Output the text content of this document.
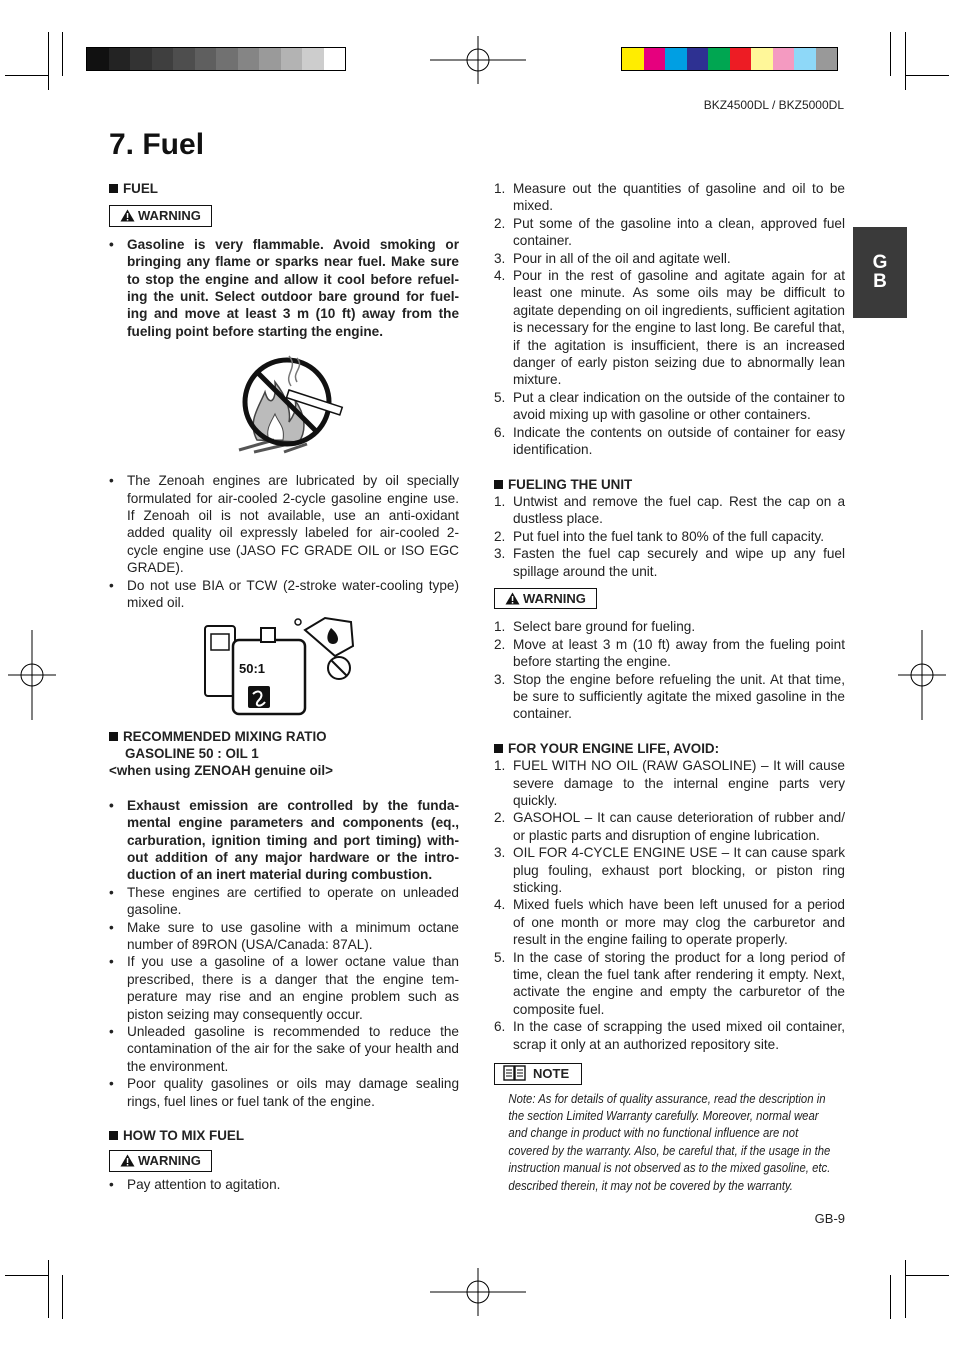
BKZ4500DL / BKZ5000DL
7. Fuel
G
B

FUEL

WARNING
• Gasoline is very flammable. Avoid smoking or bringing any flame or sparks near fuel. Make sure to stop the engine and allow it cool before refuel-ing the unit. Select outdoor bare ground for fuel-ing and move at least 3 m (10 ft) away from the fueling point before starting the engine.
• The Zenoah engines are lubricated by oil specially formulated for air-cooled 2-cycle gasoline engine use. If Zenoah oil is not available, use an anti-oxidant added quality oil expressly labeled for air-cooled 2-cycle engine use (JASO FC GRADE OIL or ISO EGC GRADE).
• Do not use BIA or TCW (2-stroke water-cooling type) mixed oil.
50:1

RECOMMENDED MIXING RATIO

GASOLINE 50 : OIL 1

<when using ZENOAH genuine oil>

• Exhaust emission are controlled by the funda-mental engine parameters and components (eq., carburation, ignition timing and port timing) with-out addition of any major hardware or the intro-duction of an inert material during combustion.
• These engines are certified to operate on unleaded gasoline.
• Make sure to use gasoline with a minimum octane number of 89RON (USA/Canada: 87AL).
• If you use a gasoline of a lower octane value than prescribed, there is a danger that the engine tem-perature may rise and an engine problem such as piston seizing may consequently occur.
• Unleaded gasoline is recommended to reduce the contamination of the air for the sake of your health and the environment.
• Poor quality gasolines or oils may damage sealing rings, fuel lines or fuel tank of the engine.

HOW TO MIX FUEL

WARNING
• Pay attention to agitation.
1. Measure out the quantities of gasoline and oil to be mixed.
2. Put some of the gasoline into a clean, approved fuel container.
3. Pour in all of the oil and agitate well.
4. Pour in the rest of gasoline and agitate again for at least one minute. As some oils may be difficult to agitate depending on oil ingredients, sufficient agitation is necessary for the engine to last long. Be careful that, if the agitation is insufficient, there is an increased danger of early piston seizing due to abnormally lean mixture.
5. Put a clear indication on the outside of the container to avoid mixing up with gasoline or other containers.
6. Indicate the contents on outside of container for easy identification.

FUELING THE UNIT

1. Untwist and remove the fuel cap. Rest the cap on a dustless place.
2. Put fuel into the fuel tank to 80% of the full capacity.
3. Fasten the fuel cap securely and wipe up any fuel spillage around the unit.
WARNING
1. Select bare ground for fueling.
2. Move at least 3 m (10 ft) away from the fueling point before starting the engine.
3. Stop the engine before refueling the unit. At that time, be sure to sufficiently agitate the mixed gasoline in the container.

FOR YOUR ENGINE LIFE, AVOID:

1. FUEL WITH NO OIL (RAW GASOLINE) – It will cause severe damage to the internal engine parts very quickly.
2. GASOHOL – It can cause deterioration of rubber and/ or plastic parts and disruption of engine lubrication.
3. OIL FOR 4-CYCLE ENGINE USE – It can cause spark plug fouling, exhaust port blocking, or piston ring sticking.
4. Mixed fuels which have been left unused for a period of one month or more may clog the carburetor and result in the engine failing to operate properly.
5. In the case of storing the product for a long period of time, clean the fuel tank after rendering it empty. Next, activate the engine and empty the carburetor of the composite fuel.
6. In the case of scrapping the used mixed oil container, scrap it only at an authorized repository site.
NOTE
Note: As for details of quality assurance, read the description in the section Limited Warranty carefully. Moreover, normal wear and change in product with no functional influence are not covered by the warranty. Also, be careful that, if the usage in the instruction manual is not observed as to the mixed gasoline, etc. described therein, it may not be covered by the warranty.
GB-9
